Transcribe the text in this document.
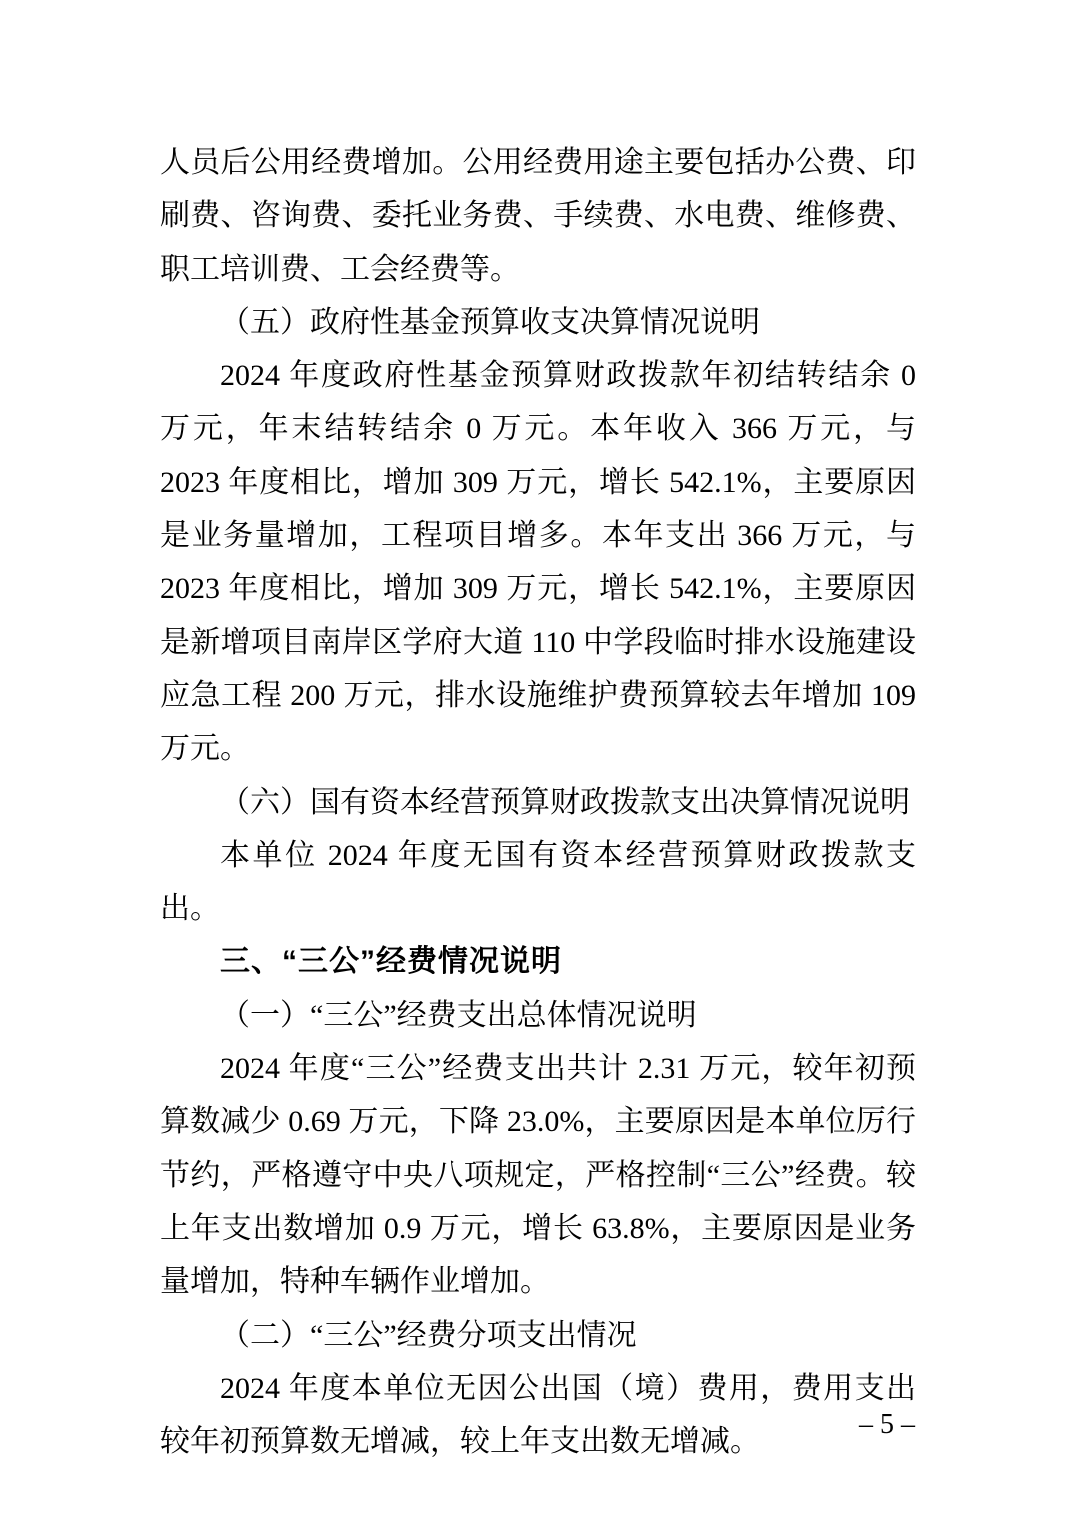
人员后公用经费增加。公用经费用途主要包括办公费、印刷费、咨询费、委托业务费、手续费、水电费、维修费、职工培训费、工会经费等。

（五）政府性基金预算收支决算情况说明

2024 年度政府性基金预算财政拨款年初结转结余 0 万元，年末结转结余 0 万元。本年收入 366 万元，与 2023 年度相比，增加 309 万元，增长 542.1%，主要原因是业务量增加，工程项目增多。本年支出 366 万元，与 2023 年度相比，增加 309 万元，增长 542.1%，主要原因是新增项目南岸区学府大道 110 中学段临时排水设施建设应急工程 200 万元，排水设施维护费预算较去年增加 109 万元。

（六）国有资本经营预算财政拨款支出决算情况说明

本单位 2024 年度无国有资本经营预算财政拨款支出。

三、“三公”经费情况说明

（一）“三公”经费支出总体情况说明

2024 年度“三公”经费支出共计 2.31 万元，较年初预算数减少 0.69 万元，下降 23.0%，主要原因是本单位厉行节约，严格遵守中央八项规定，严格控制“三公”经费。较上年支出数增加 0.9 万元，增长 63.8%，主要原因是业务量增加，特种车辆作业增加。

（二）“三公”经费分项支出情况

2024 年度本单位无因公出国（境）费用，费用支出较年初预算数无增减，较上年支出数无增减。

– 5 –
